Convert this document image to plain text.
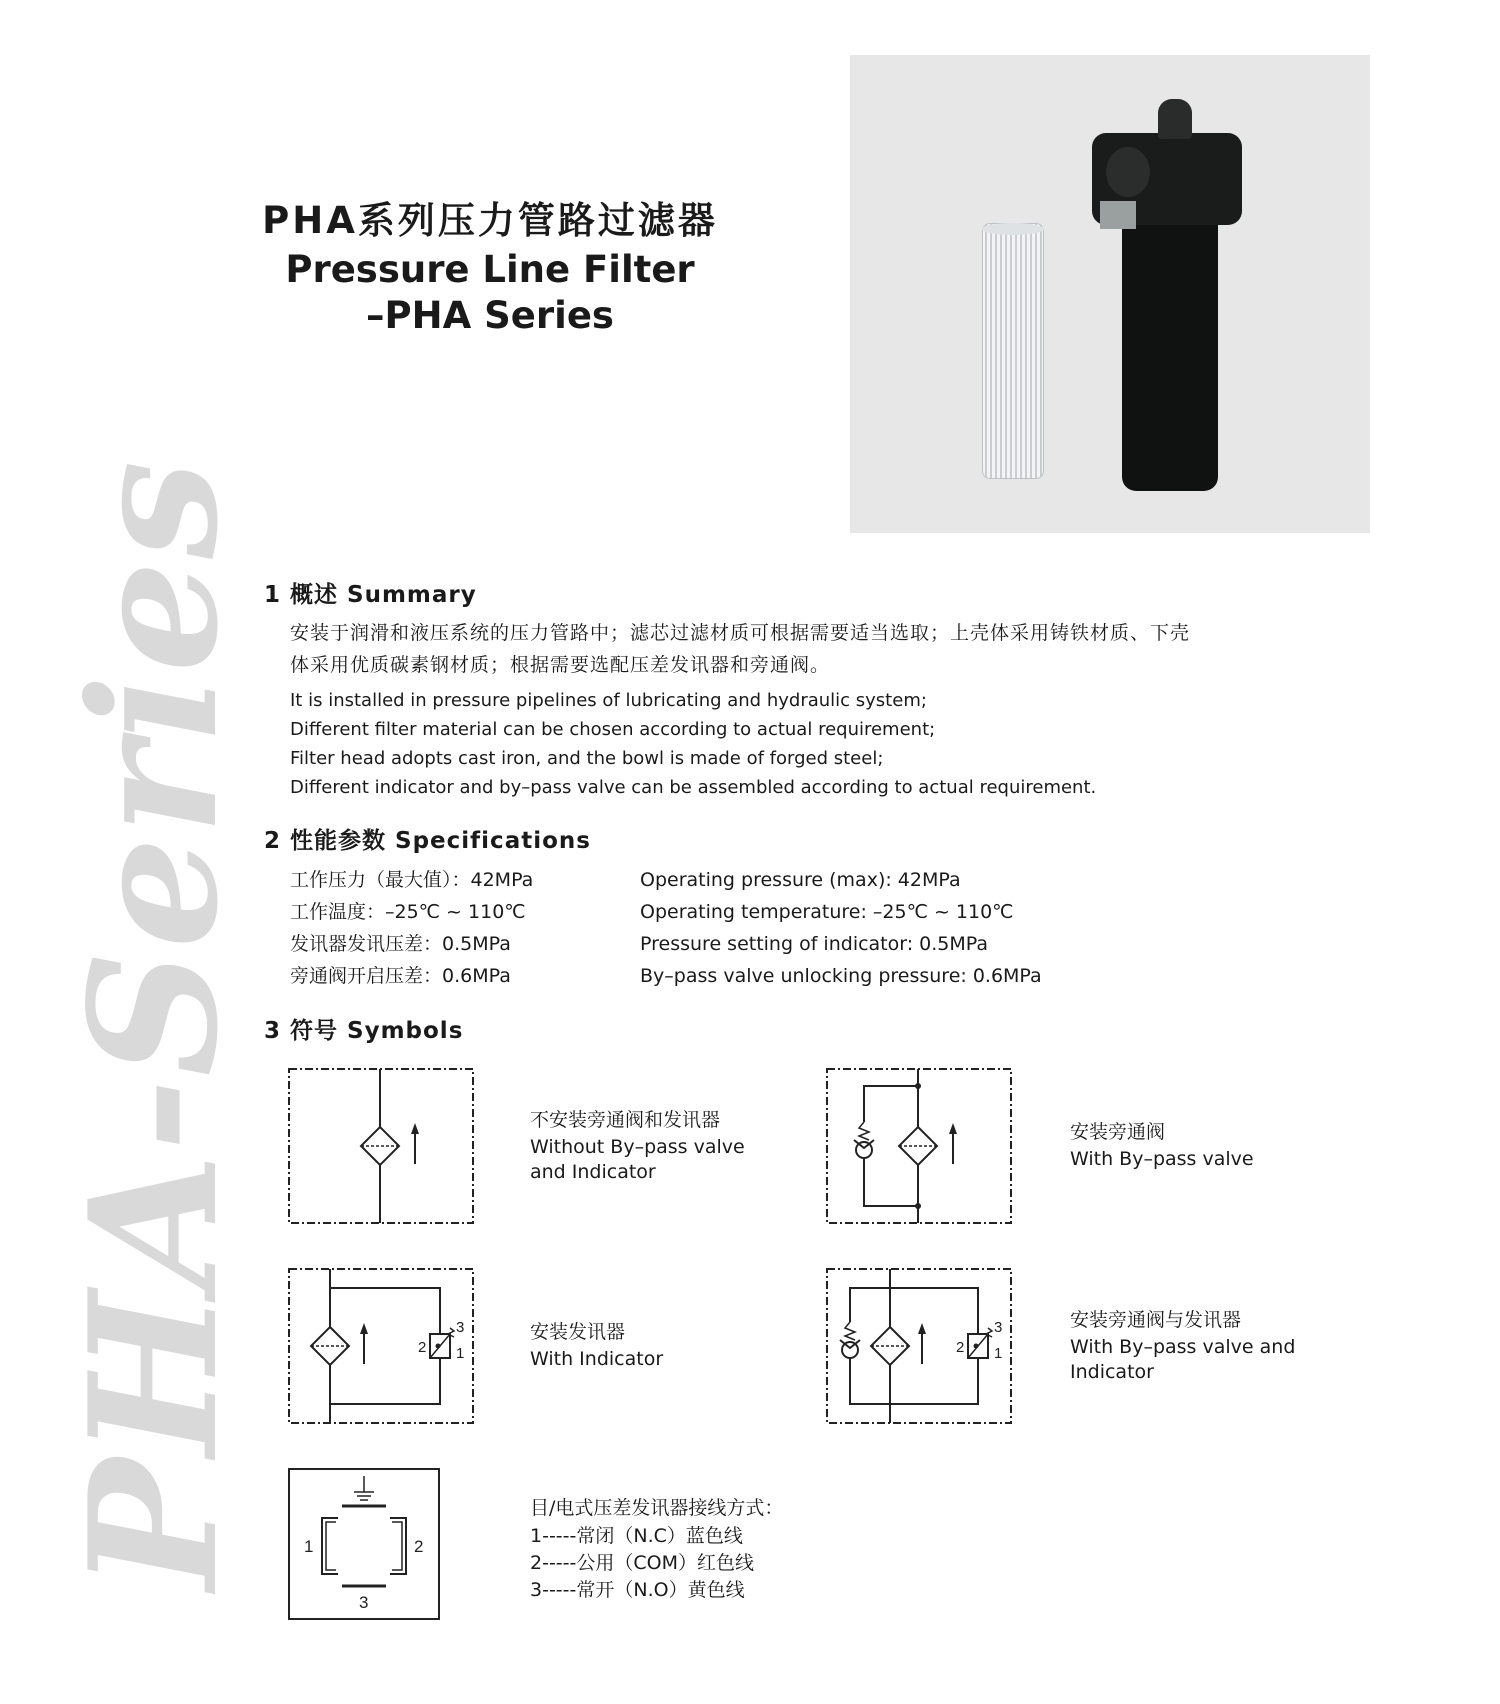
PHA-Series
PHA系列压力管路过滤器
Pressure Line Filter
–PHA Series
1 概述 Summary
安装于润滑和液压系统的压力管路中；滤芯过滤材质可根据需要适当选取；上壳体采用铸铁材质、下壳
体采用优质碳素钢材质；根据需要选配压差发讯器和旁通阀。
It is installed in pressure pipelines of lubricating and hydraulic system;
Different filter material can be chosen according to actual requirement;
Filter head adopts cast iron, and the bowl is made of forged steel;
Different indicator and by–pass valve can be assembled according to actual requirement.
2 性能参数 Specifications
工作压力（最大值）：42MPa
工作温度：–25℃ ~ 110℃
发讯器发讯压差：0.5MPa
旁通阀开启压差：0.6MPa
Operating pressure (max): 42MPa
Operating temperature: –25℃ ~ 110℃
Pressure setting of indicator: 0.5MPa
By–pass valve unlocking pressure: 0.6MPa
3 符号 Symbols
不安装旁通阀和发讯器
Without By–pass valve
and Indicator
安装旁通阀
With By–pass valve
2
3
1
安装发讯器
With Indicator
2
3
1
安装旁通阀与发讯器
With By–pass valve and
Indicator
1	2
3
目/电式压差发讯器接线方式：
1-----常闭（N.C）蓝色线
2-----公用（COM）红色线
3-----常开（N.O）黄色线
